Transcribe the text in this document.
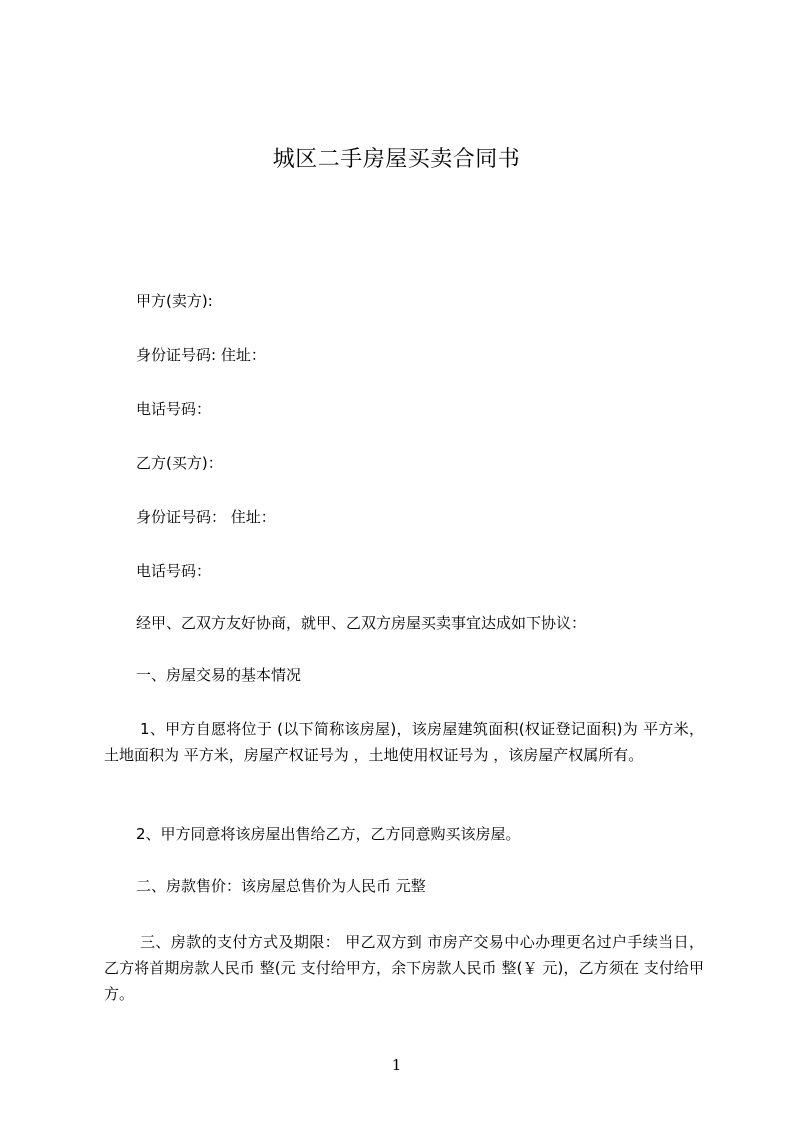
城区二手房屋买卖合同书
甲方(卖方):
身份证号码: 住址：
电话号码：
乙方(买方)：
身份证号码： 住址：
电话号码：
经甲、乙双方友好协商，就甲、乙双方房屋买卖事宜达成如下协议：
一、房屋交易的基本情况
1、甲方自愿将位于 (以下简称该房屋)，该房屋建筑面积(权证登记面积)为 平方米，土地面积为 平方米，房屋产权证号为 ，土地使用权证号为 ，该房屋产权属所有。
2、甲方同意将该房屋出售给乙方，乙方同意购买该房屋。
二、房款售价：该房屋总售价为人民币 元整
三、房款的支付方式及期限： 甲乙双方到 市房产交易中心办理更名过户手续当日，乙方将首期房款人民币 整(元 支付给甲方，余下房款人民币 整(￥ 元)，乙方须在 支付给甲方。
1
